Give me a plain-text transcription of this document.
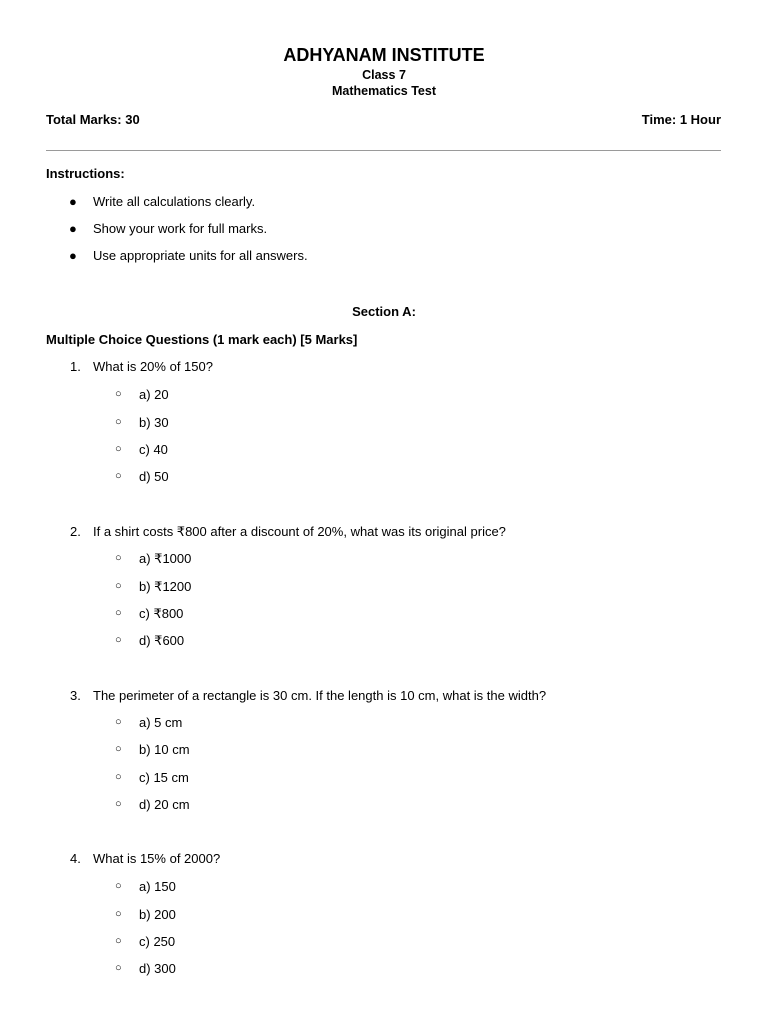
ADHYANAM INSTITUTE
Class 7
Mathematics Test
Total Marks: 30	Time: 1 Hour
Instructions:
● Write all calculations clearly.
● Show your work for full marks.
● Use appropriate units for all answers.
Section A:
Multiple Choice Questions (1 mark each) [5 Marks]
1. What is 20% of 150?
○ a) 20
○ b) 30
○ c) 40
○ d) 50
2. If a shirt costs ₹800 after a discount of 20%, what was its original price?
○ a) ₹1000
○ b) ₹1200
○ c) ₹800
○ d) ₹600
3. The perimeter of a rectangle is 30 cm. If the length is 10 cm, what is the width?
○ a) 5 cm
○ b) 10 cm
○ c) 15 cm
○ d) 20 cm
4. What is 15% of 2000?
○ a) 150
○ b) 200
○ c) 250
○ d) 300
